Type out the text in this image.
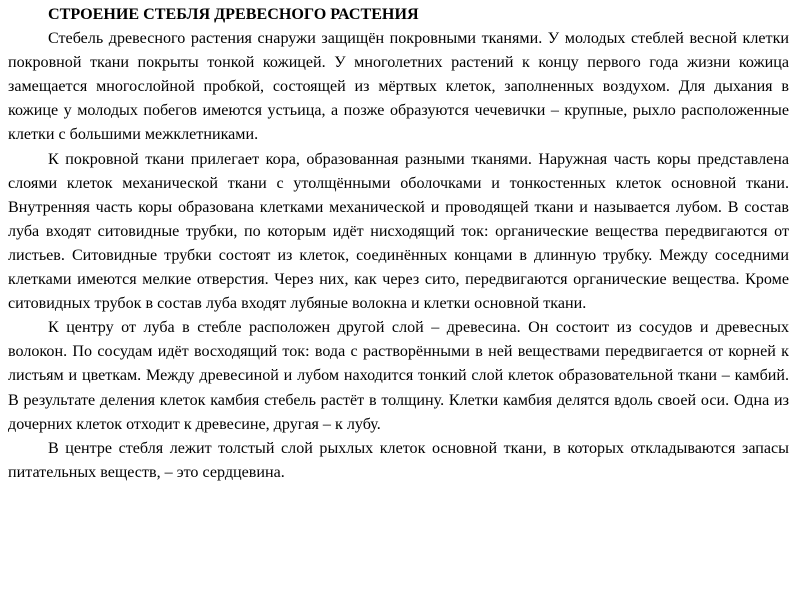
СТРОЕНИЕ СТЕБЛЯ ДРЕВЕСНОГО РАСТЕНИЯ

Стебель древесного растения снаружи защищён покровными тканями. У молодых стеблей весной клетки покровной ткани покрыты тонкой кожицей. У многолетних растений к концу первого года жизни кожица замещается многослойной пробкой, состоящей из мёртвых клеток, заполненных воздухом. Для дыхания в кожице у молодых побегов имеются устьица, а позже образуются чечевички – крупные, рыхло расположенные клетки с большими межклетниками.

К покровной ткани прилегает кора, образованная разными тканями. Наружная часть коры представлена слоями клеток механической ткани с утолщёнными оболочками и тонкостенных клеток основной ткани. Внутренняя часть коры образована клетками механической и проводящей ткани и называется лубом. В состав луба входят ситовидные трубки, по которым идёт нисходящий ток: органические вещества передвигаются от листьев. Ситовидные трубки состоят из клеток, соединённых концами в длинную трубку. Между соседними клетками имеются мелкие отверстия. Через них, как через сито, передвигаются органические вещества. Кроме ситовидных трубок в состав луба входят лубяные волокна и клетки основной ткани.

К центру от луба в стебле расположен другой слой – древесина. Он состоит из сосудов и древесных волокон. По сосудам идёт восходящий ток: вода с растворёнными в ней веществами передвигается от корней к листьям и цветкам. Между древесиной и лубом находится тонкий слой клеток образовательной ткани – камбий. В результате деления клеток камбия стебель растёт в толщину. Клетки камбия делятся вдоль своей оси. Одна из дочерних клеток отходит к древесине, другая – к лубу.

В центре стебля лежит толстый слой рыхлых клеток основной ткани, в которых откладываются запасы питательных веществ, – это сердцевина.
